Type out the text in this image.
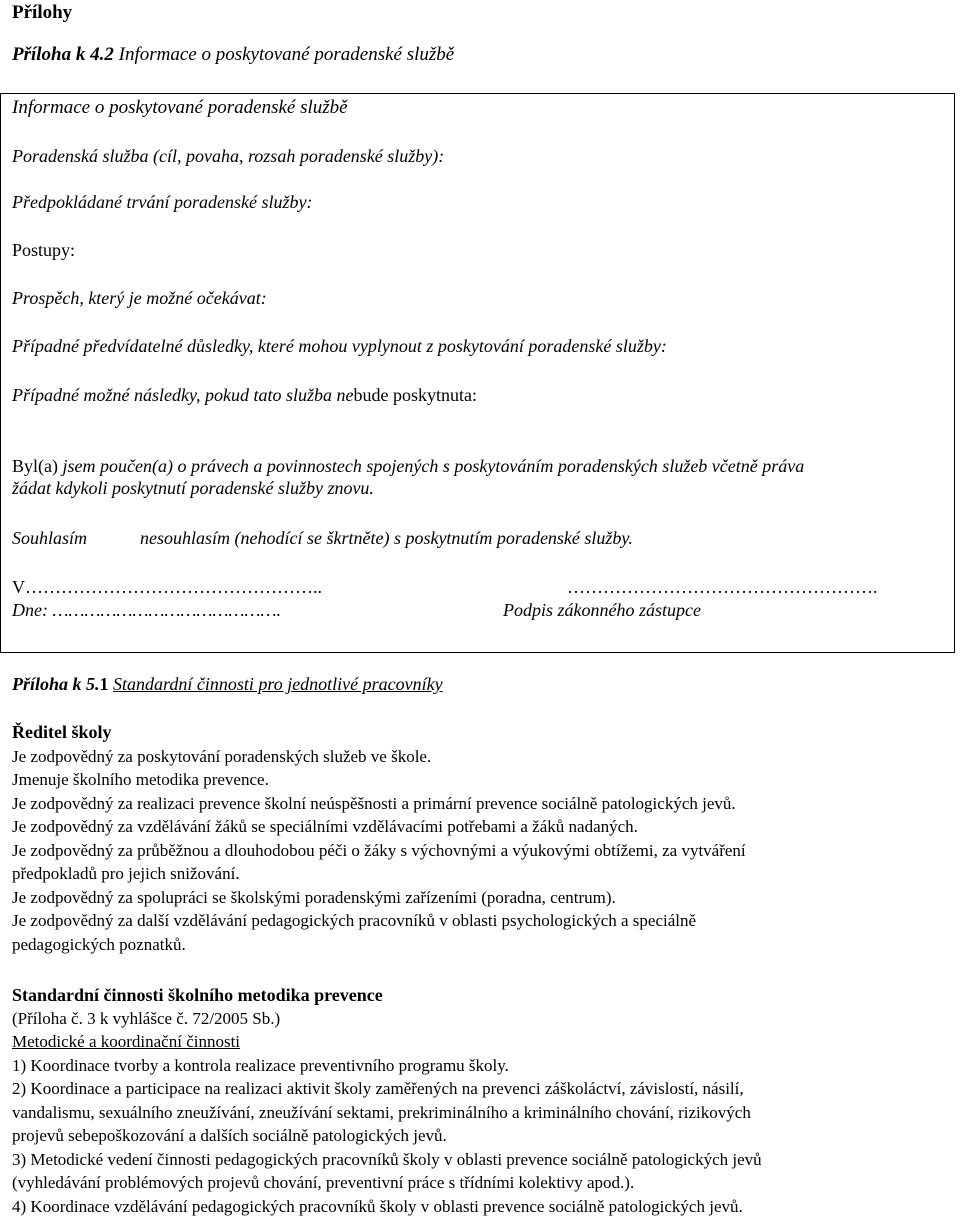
Přílohy
Příloha k 4.2 Informace o poskytované poradenské službě
Informace o poskytované poradenské službě
Poradenská služba (cíl, povaha, rozsah poradenské služby):
Předpokládané trvání poradenské služby:
Postupy:
Prospěch, který je možné očekávat:
Případné předvídatelné důsledky, které mohou vyplynout z poskytování poradenské služby:
Případné možné následky, pokud tato služba nebude poskytnuta:
Byl(a) jsem poučen(a) o právech a povinnostech spojených s poskytováním poradenských služeb včetně práva
žádat kdykoli poskytnutí poradenské služby znovu.
Souhlasím	nesouhlasím (nehodící se škrtněte) s poskytnutím poradenské služby.
V…………………………………………..	…………………………………………….
Dne: …………………………………….	Podpis zákonného zástupce
Příloha k 5.1 Standardní činnosti pro jednotlivé pracovníky
Ředitel školy
Je zodpovědný za poskytování poradenských služeb ve škole.
Jmenuje školního metodika prevence.
Je zodpovědný za realizaci prevence školní neúspěšnosti a primární prevence sociálně patologických jevů.
Je zodpovědný za vzdělávání žáků se speciálními vzdělávacími potřebami a žáků nadaných.
Je zodpovědný za průběžnou a dlouhodobou péči o žáky s výchovnými a výukovými obtížemi, za vytváření
předpokladů pro jejich snižování.
Je zodpovědný za spolupráci se školskými poradenskými zařízeními (poradna, centrum).
Je zodpovědný za další vzdělávání pedagogických pracovníků v oblasti psychologických a speciálně
pedagogických poznatků.
Standardní činnosti školního metodika prevence
(Příloha č. 3 k vyhlášce č. 72/2005 Sb.)
Metodické a koordinační činnosti
1) Koordinace tvorby a kontrola realizace preventivního programu školy.
2) Koordinace a participace na realizaci aktivit školy zaměřených na prevenci záškoláctví, závislostí, násilí,
vandalismu, sexuálního zneužívání, zneužívání sektami, prekriminálního a kriminálního chování, rizikových
projevů sebepoškozování a dalších sociálně patologických jevů.
3) Metodické vedení činnosti pedagogických pracovníků školy v oblasti prevence sociálně patologických jevů
(vyhledávání problémových projevů chování, preventivní práce s třídními kolektivy apod.).
4) Koordinace vzdělávání pedagogických pracovníků školy v oblasti prevence sociálně patologických jevů.
